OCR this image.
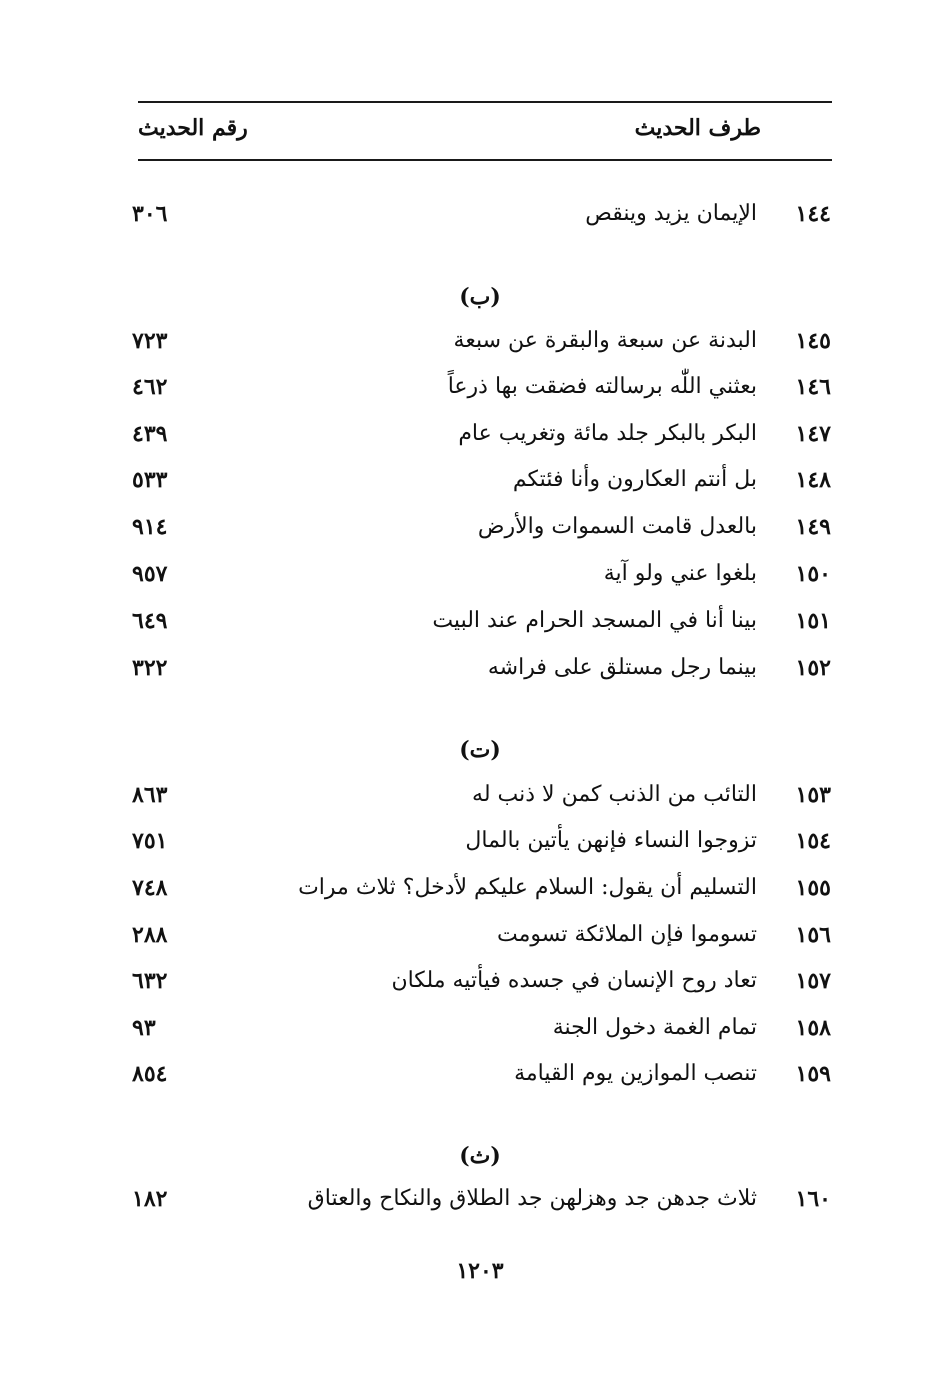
طرف الحديث
رقم الحديث
١٤٤
الإيمان يزيد وينقص
٣٠٦
(ب)
١٤٥
البدنة عن سبعة والبقرة عن سبعة
٧٢٣
١٤٦
بعثني اللّٰه برسالته فضقت بها ذرعاً
٤٦٢
١٤٧
البكر بالبكر جلد مائة وتغريب عام
٤٣٩
١٤٨
بل أنتم العكارون وأنا فئتكم
٥٣٣
١٤٩
بالعدل قامت السموات والأرض
٩١٤
١٥٠
بلغوا عني ولو آية
٩٥٧
١٥١
بينا أنا في المسجد الحرام عند البيت
٦٤٩
١٥٢
بينما رجل مستلق على فراشه
٣٢٢
(ت)
١٥٣
التائب من الذنب كمن لا ذنب له
٨٦٣
١٥٤
تزوجوا النساء فإنهن يأتين بالمال
٧٥١
١٥٥
التسليم أن يقول: السلام عليكم لأدخل؟ ثلاث مرات
٧٤٨
١٥٦
تسوموا فإن الملائكة تسومت
٢٨٨
١٥٧
تعاد روح الإنسان في جسده فيأتيه ملكان
٦٣٢
١٥٨
تمام الغمة دخول الجنة
٩٣
١٥٩
تنصب الموازين يوم القيامة
٨٥٤
(ث)
١٦٠
ثلاث جدهن جد وهزلهن جد الطلاق والنكاح والعتاق
١٨٢
١٢٠٣
